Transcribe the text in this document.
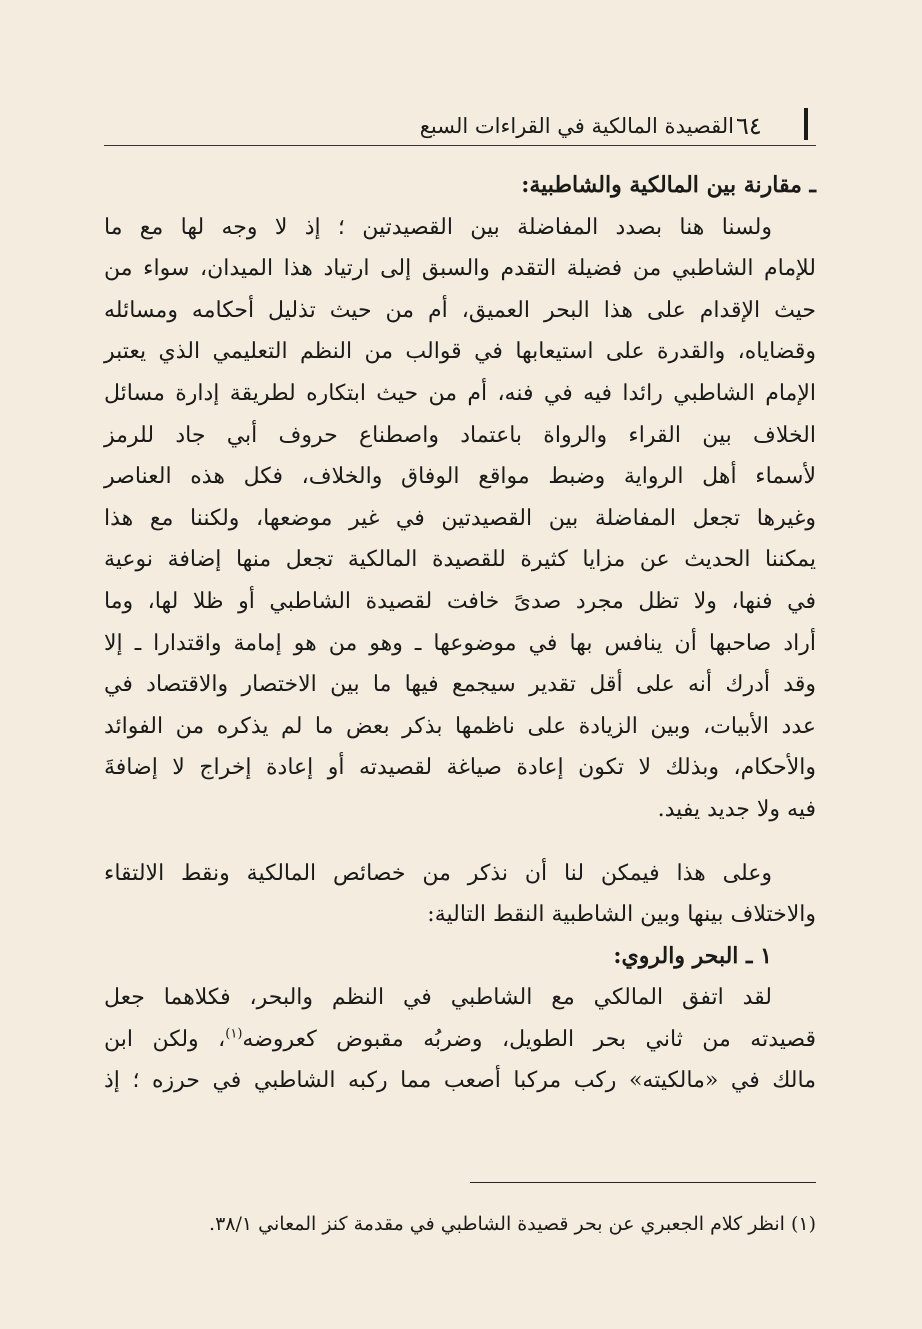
القصيدة المالكية في القراءات السبع ٦٤
ـ مقارنة بين المالكية والشاطبية:
ولسنا هنا بصدد المفاضلة بين القصيدتين ؛ إذ لا وجه لها مع ما
للإمام الشاطبي من فضيلة التقدم والسبق إلى ارتياد هذا الميدان، سواء من
حيث الإقدام على هذا البحر العميق، أم من حيث تذليل أحكامه ومسائله
وقضاياه، والقدرة على استيعابها في قوالب من النظم التعليمي الذي يعتبر
الإمام الشاطبي رائدا فيه في فنه، أم من حيث ابتكاره لطريقة إدارة مسائل
الخلاف بين القراء والرواة باعتماد واصطناع حروف أبي جاد للرمز
لأسماء أهل الرواية وضبط مواقع الوفاق والخلاف، فكل هذه العناصر
وغيرها تجعل المفاضلة بين القصيدتين في غير موضعها، ولكننا مع هذا
يمكننا الحديث عن مزايا كثيرة للقصيدة المالكية تجعل منها إضافة نوعية
في فنها، ولا تظل مجرد صدىً خافت لقصيدة الشاطبي أو ظلا لها، وما
أراد صاحبها أن ينافس بها في موضوعها ـ وهو من هو إمامة واقتدارا ـ إلا
وقد أدرك أنه على أقل تقدير سيجمع فيها ما بين الاختصار والاقتصاد في
عدد الأبيات، وبين الزيادة على ناظمها بذكر بعض ما لم يذكره من الفوائد
والأحكام، وبذلك لا تكون إعادة صياغة لقصيدته أو إعادة إخراج لا إضافةَ
فيه ولا جديد يفيد.
وعلى هذا فيمكن لنا أن نذكر من خصائص المالكية ونقط الالتقاء
والاختلاف بينها وبين الشاطبية النقط التالية:
١ ـ البحر والروي:
لقد اتفق المالكي مع الشاطبي في النظم والبحر، فكلاهما جعل
قصيدته من ثاني بحر الطويل، وضربُه مقبوض كعروضه$^{(١)}$، ولكن ابن
مالك في «مالكيته» ركب مركبا أصعب مما ركبه الشاطبي في حرزه ؛ إذ
(١) انظر كلام الجعبري عن بحر قصيدة الشاطبي في مقدمة كنز المعاني ٣٨/١.
